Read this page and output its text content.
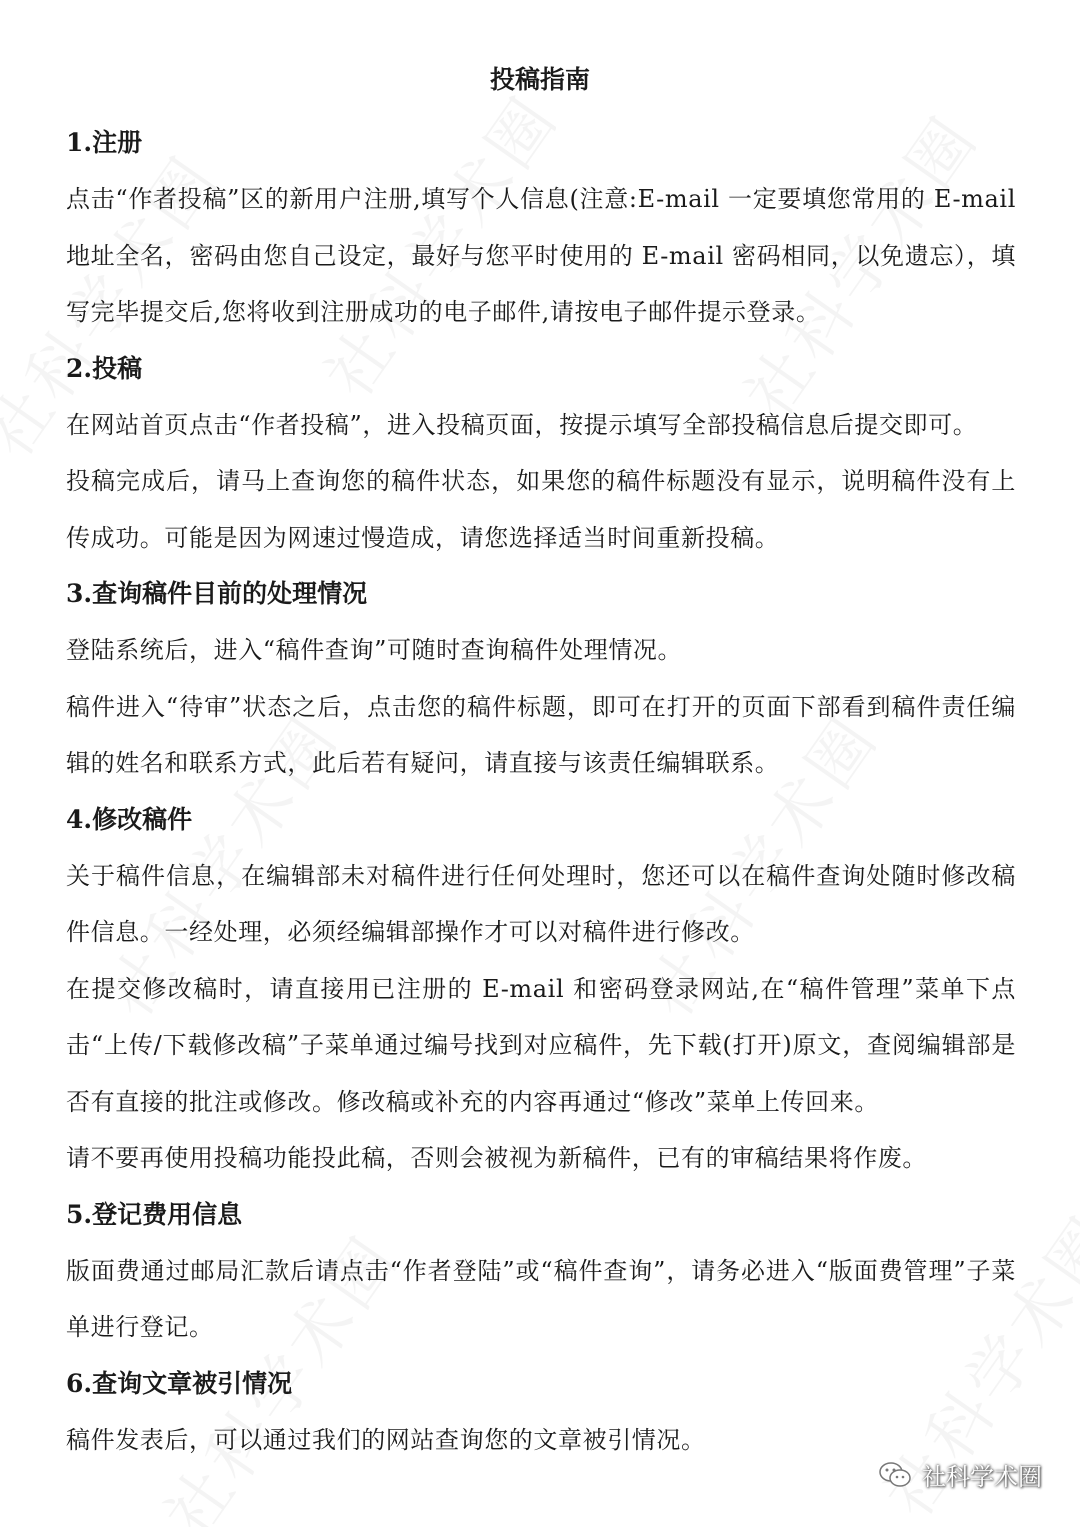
投稿指南
1.注册
点击“作者投稿”区的新用户注册,填写个人信息(注意:E-mail 一定要填您常用的 E-mail 地址全名，密码由您自己设定，最好与您平时使用的 E-mail 密码相同，以免遗忘），填写完毕提交后,您将收到注册成功的电子邮件,请按电子邮件提示登录。
2.投稿
在网站首页点击“作者投稿”，进入投稿页面，按提示填写全部投稿信息后提交即可。
投稿完成后，请马上查询您的稿件状态，如果您的稿件标题没有显示，说明稿件没有上传成功。可能是因为网速过慢造成，请您选择适当时间重新投稿。
3.查询稿件目前的处理情况
登陆系统后，进入“稿件查询”可随时查询稿件处理情况。
稿件进入“待审”状态之后，点击您的稿件标题，即可在打开的页面下部看到稿件责任编辑的姓名和联系方式，此后若有疑问，请直接与该责任编辑联系。
4.修改稿件
关于稿件信息，在编辑部未对稿件进行任何处理时，您还可以在稿件查询处随时修改稿件信息。一经处理，必须经编辑部操作才可以对稿件进行修改。
在提交修改稿时，请直接用已注册的 E-mail 和密码登录网站,在“稿件管理”菜单下点击“上传/下载修改稿”子菜单通过编号找到对应稿件，先下载(打开)原文，查阅编辑部是否有直接的批注或修改。修改稿或补充的内容再通过“修改”菜单上传回来。
请不要再使用投稿功能投此稿，否则会被视为新稿件，已有的审稿结果将作废。
5.登记费用信息
版面费通过邮局汇款后请点击“作者登陆”或“稿件查询”，请务必进入“版面费管理”子菜单进行登记。
6.查询文章被引情况
稿件发表后，可以通过我们的网站查询您的文章被引情况。
社科学术圈
